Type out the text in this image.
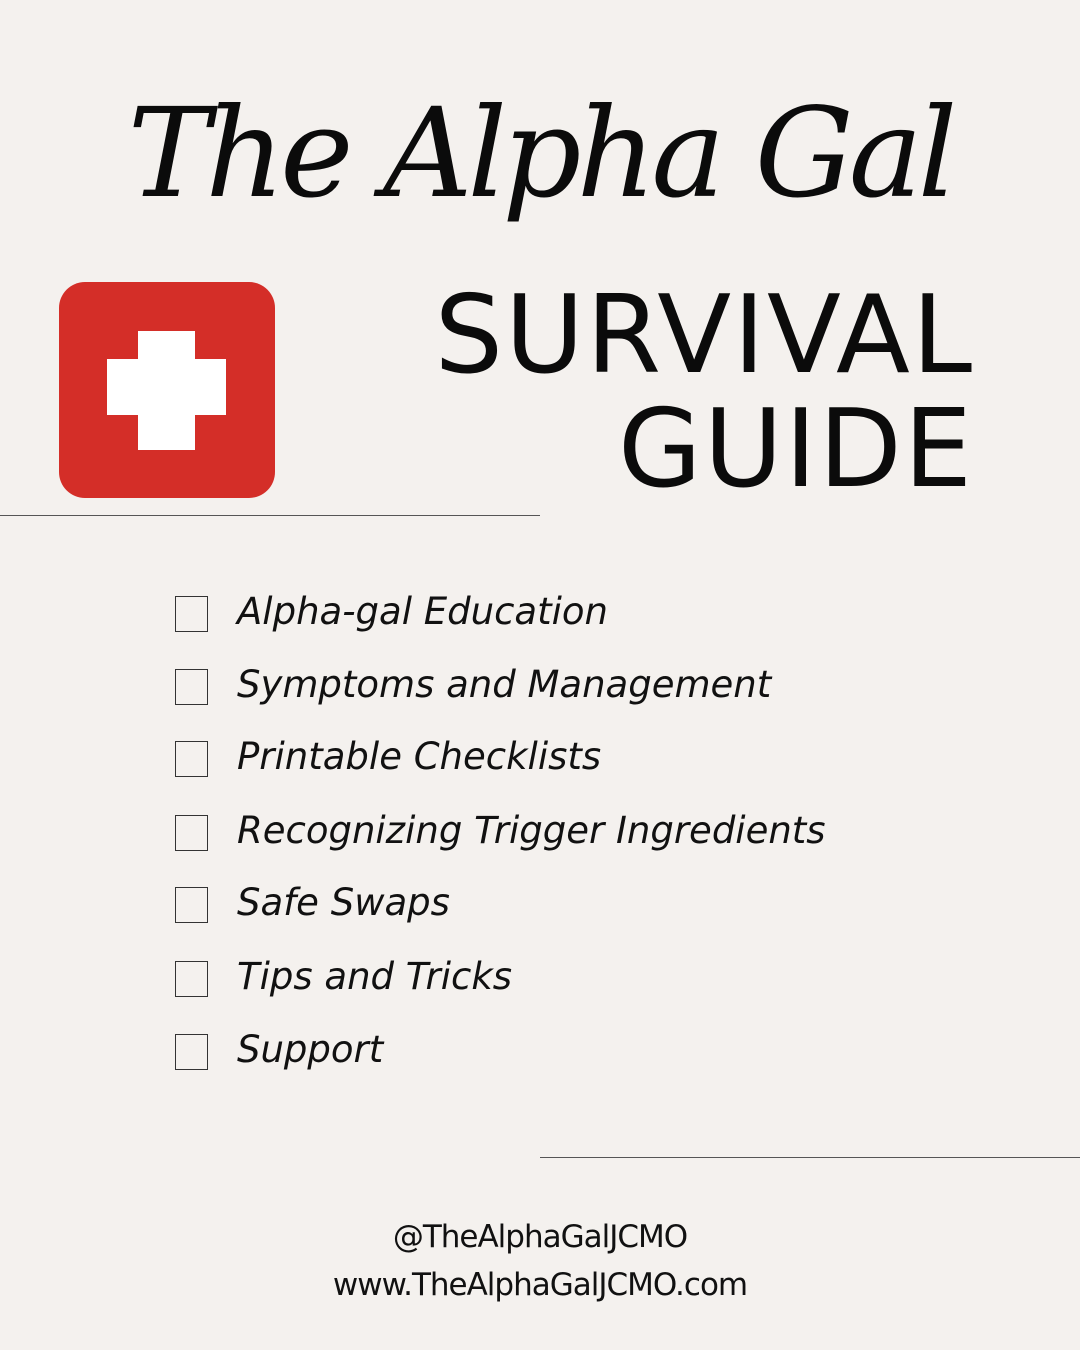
The Alpha Gal
SURVIVAL
GUIDE
Alpha-gal Education
Symptoms and Management
Printable Checklists
Recognizing Trigger Ingredients
Safe Swaps
Tips and Tricks
Support
@TheAlphaGalJCMO
www.TheAlphaGalJCMO.com
